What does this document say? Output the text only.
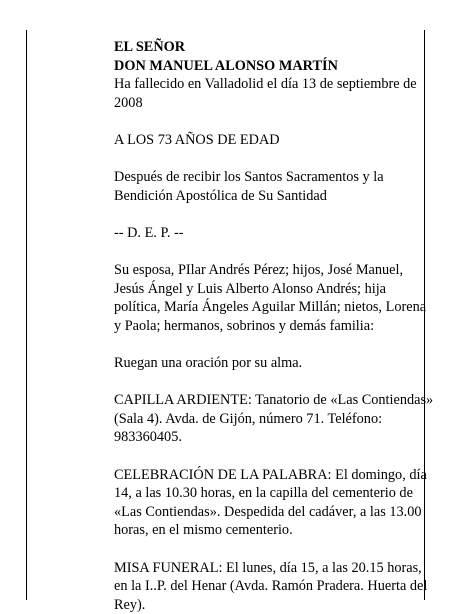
EL SEÑOR

DON MANUEL ALONSO MARTÍN

Ha fallecido en Valladolid el día 13 de septiembre de
2008

A LOS 73 AÑOS DE EDAD

Después de recibir los Santos Sacramentos y la
Bendición Apostólica de Su Santidad

-- D. E. P. --

Su esposa, PIlar Andrés Pérez; hijos, José Manuel,
Jesús Ángel y Luis Alberto Alonso Andrés; hija
política, María Ángeles Aguilar Millán; nietos, Lorena
y Paola; hermanos, sobrinos y demás familia:

Ruegan una oración por su alma.

CAPILLA ARDIENTE: Tanatorio de «Las Contiendas»
(Sala 4). Avda. de Gijón, número 71. Teléfono:
983360405.

CELEBRACIÓN DE LA PALABRA: El domingo, día
14, a las 10.30 horas, en la capilla del cementerio de
«Las Contiendas». Despedida del cadáver, a las 13.00
horas, en el mismo cementerio.

MISA FUNERAL: El lunes, día 15, a las 20.15 horas,
en la I..P. del Henar (Avda. Ramón Pradera. Huerta del
Rey).
